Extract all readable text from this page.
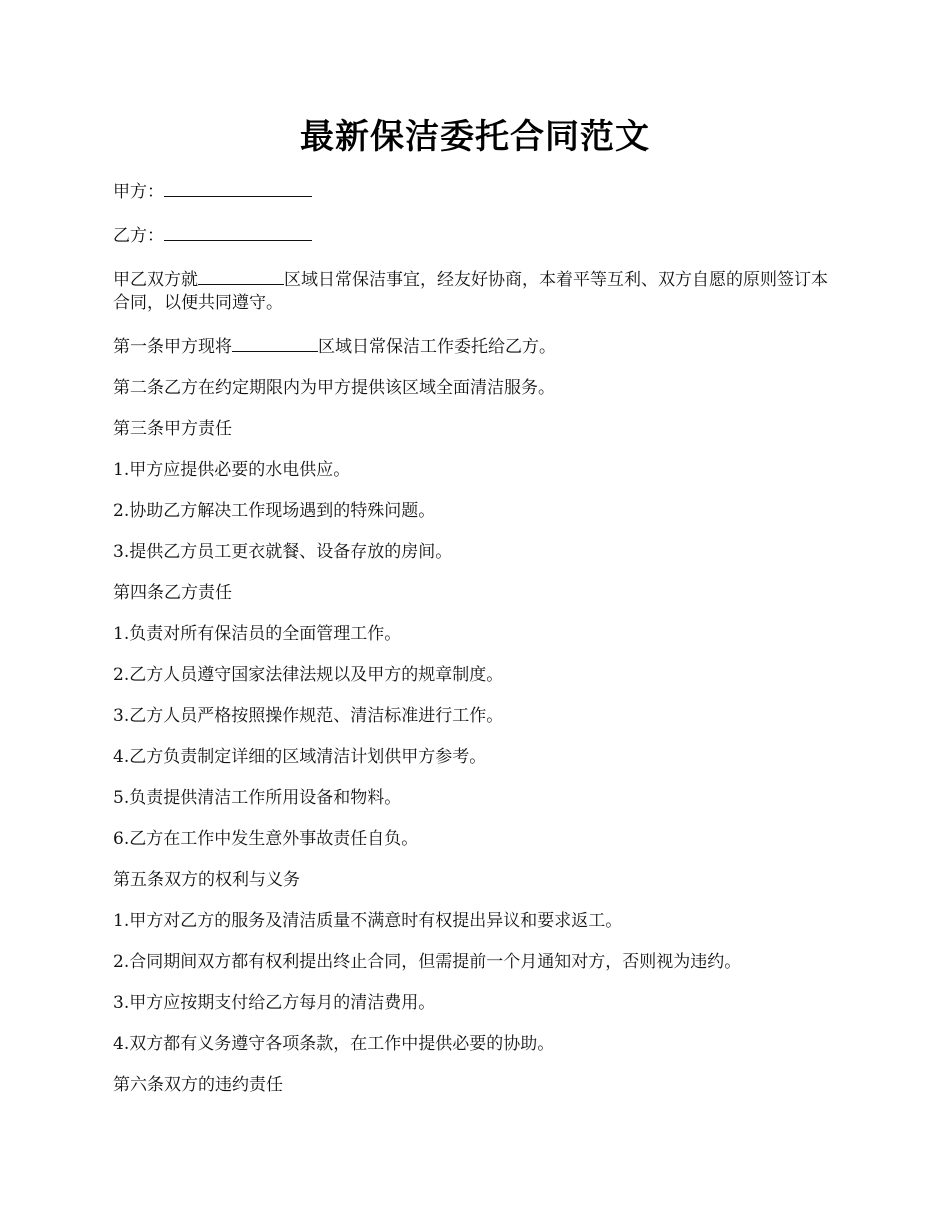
最新保洁委托合同范文

甲方：

乙方：

甲乙双方就	区域日常保洁事宜，经友好协商，本着平等互利、双方自愿的原则签订本合同，以便共同遵守。

第一条甲方现将	区域日常保洁工作委托给乙方。

第二条乙方在约定期限内为甲方提供该区域全面清洁服务。

第三条甲方责任

1.甲方应提供必要的水电供应。

2.协助乙方解决工作现场遇到的特殊问题。

3.提供乙方员工更衣就餐、设备存放的房间。

第四条乙方责任

1.负责对所有保洁员的全面管理工作。

2.乙方人员遵守国家法律法规以及甲方的规章制度。

3.乙方人员严格按照操作规范、清洁标准进行工作。

4.乙方负责制定详细的区域清洁计划供甲方参考。

5.负责提供清洁工作所用设备和物料。

6.乙方在工作中发生意外事故责任自负。

第五条双方的权利与义务

1.甲方对乙方的服务及清洁质量不满意时有权提出异议和要求返工。

2.合同期间双方都有权利提出终止合同，但需提前一个月通知对方，否则视为违约。

3.甲方应按期支付给乙方每月的清洁费用。

4.双方都有义务遵守各项条款，在工作中提供必要的协助。

第六条双方的违约责任
